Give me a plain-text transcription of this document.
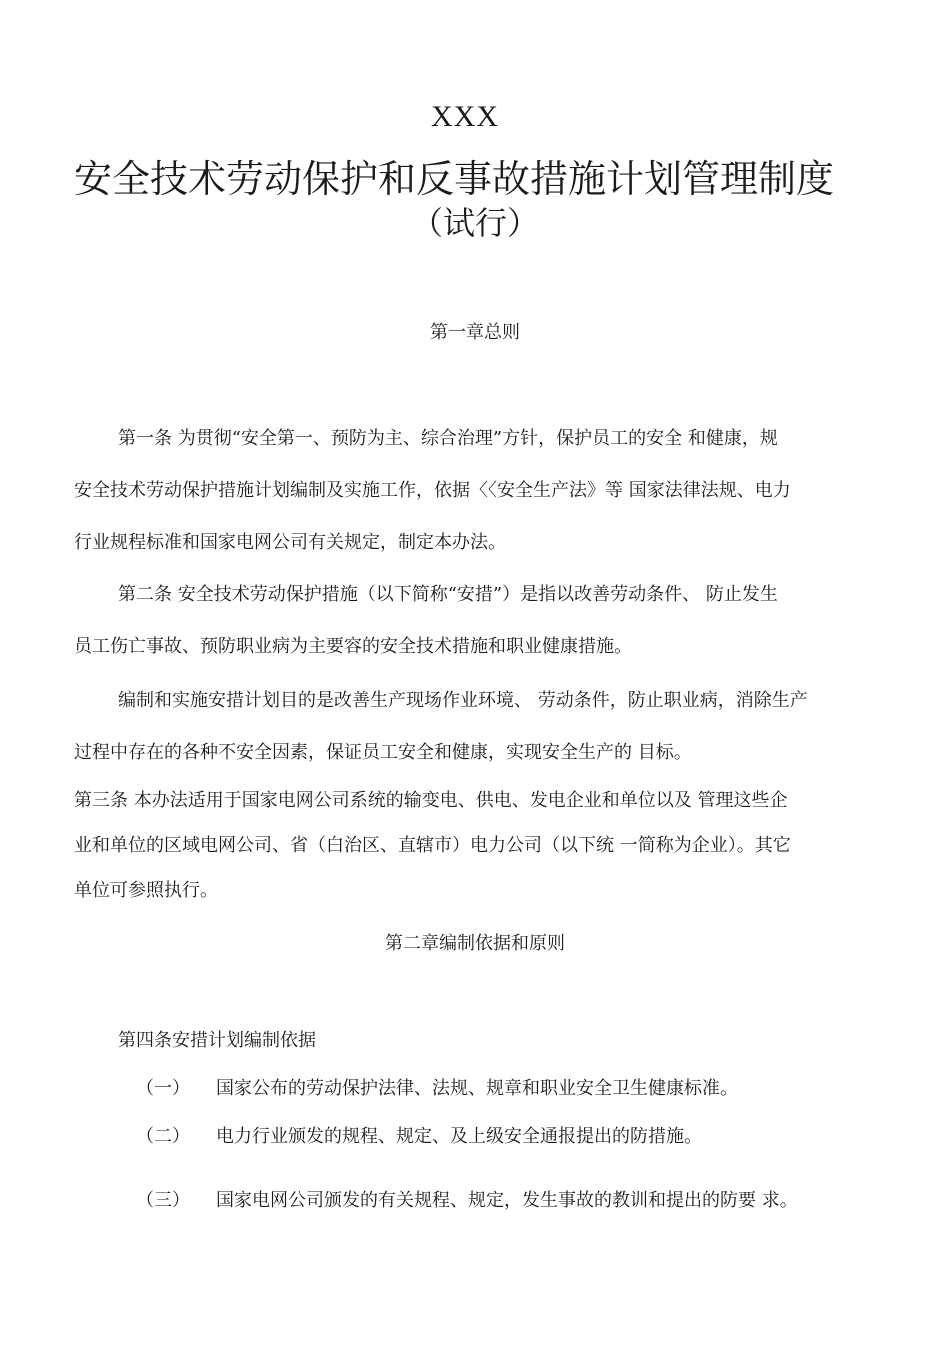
XXX
安全技术劳动保护和反事故措施计划管理制度
（试行）
第一章总则
第一条 为贯彻“安全第一、预防为主、综合治理”方针，保护员工的安全 和健康，规
安全技术劳动保护措施计划编制及实施工作，依据〈〈安全生产法》等 国家法律法规、电力
行业规程标准和国家电网公司有关规定，制定本办法。
第二条 安全技术劳动保护措施（以下简称“安措”）是指以改善劳动条件、 防止发生
员工伤亡事故、预防职业病为主要容的安全技术措施和职业健康措施。
编制和实施安措计划目的是改善生产现场作业环境、 劳动条件，防止职业病，消除生产
过程中存在的各种不安全因素，保证员工安全和健康，实现安全生产的 目标。
第三条 本办法适用于国家电网公司系统的输变电、供电、发电企业和单位以及 管理这些企
业和单位的区域电网公司、省（白治区、直辖市）电力公司（以下统 一简称为企业）。其它
单位可参照执行。
第二章编制依据和原则
第四条安措计划编制依据
（一） 国家公布的劳动保护法律、法规、规章和职业安全卫生健康标准。
（二） 电力行业颁发的规程、规定、及上级安全通报提出的防措施。
（三） 国家电网公司颁发的有关规程、规定，发生事故的教训和提出的防要 求。
